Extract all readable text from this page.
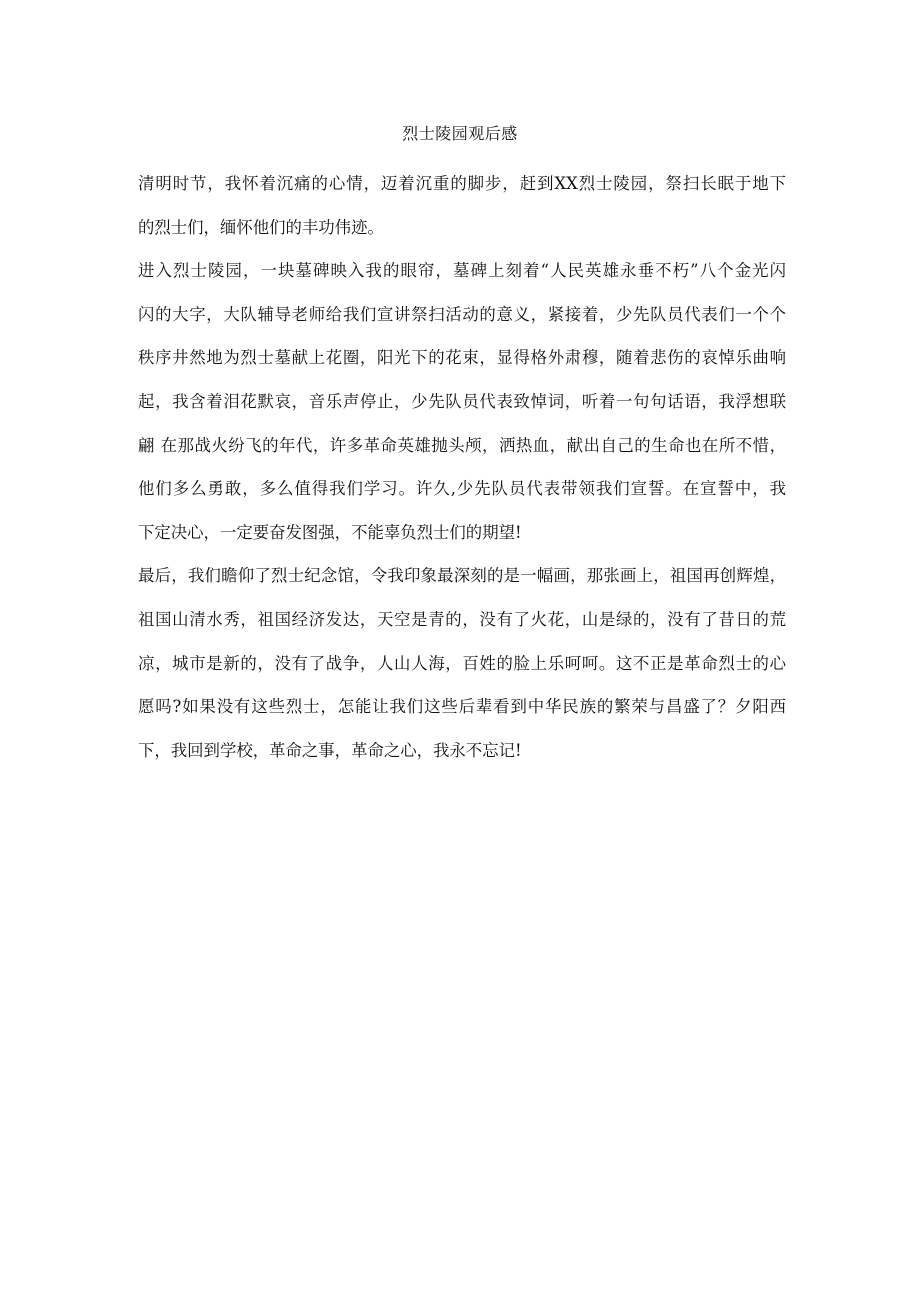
烈士陵园观后感
清明时节，我怀着沉痛的心情，迈着沉重的脚步，赶到XX烈士陵园，祭扫长眠于地下
的烈士们，缅怀他们的丰功伟迹。
进入烈士陵园，一块墓碑映入我的眼帘，墓碑上刻着“人民英雄永垂不朽”八个金光闪
闪的大字，大队辅导老师给我们宣讲祭扫活动的意义，紧接着，少先队员代表们一个个
秩序井然地为烈士墓献上花圈，阳光下的花束，显得格外肃穆，随着悲伤的哀悼乐曲响
起，我含着泪花默哀，音乐声停止，少先队员代表致悼词，听着一句句话语，我浮想联
翩 在那战火纷飞的年代，许多革命英雄抛头颅，洒热血，献出自己的生命也在所不惜，
他们多么勇敢，多么值得我们学习。许久,少先队员代表带领我们宣誓。在宣誓中，我
下定决心，一定要奋发图强，不能辜负烈士们的期望!
最后，我们瞻仰了烈士纪念馆，令我印象最深刻的是一幅画，那张画上，祖国再创辉煌，
祖国山清水秀，祖国经济发达，天空是青的，没有了火花，山是绿的，没有了昔日的荒
凉，城市是新的，没有了战争，人山人海，百姓的脸上乐呵呵。这不正是革命烈士的心
愿吗?如果没有这些烈士，怎能让我们这些后辈看到中华民族的繁荣与昌盛了？夕阳西
下，我回到学校，革命之事，革命之心，我永不忘记!
